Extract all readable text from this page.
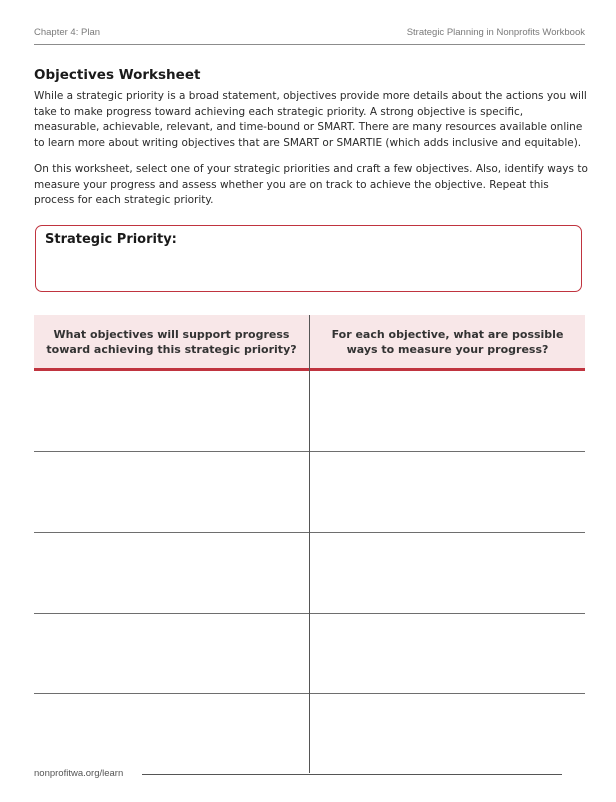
Chapter 4: Plan	Strategic Planning in Nonprofits Workbook
Objectives Worksheet

While a strategic priority is a broad statement, objectives provide more details about the actions you will take to make progress toward achieving each strategic priority. A strong objective is specific, measurable, achievable, relevant, and time-bound or SMART. There are many resources available online to learn more about writing objectives that are SMART or SMARTIE (which adds inclusive and equitable).

On this worksheet, select one of your strategic priorities and craft a few objectives. Also, identify ways to measure your progress and assess whether you are on track to achieve the objective. Repeat this process for each strategic priority.

Strategic Priority:
What objectives will support progress toward achieving this strategic priority?
For each objective, what are possible ways to measure your progress?
nonprofitwa.org/learn
